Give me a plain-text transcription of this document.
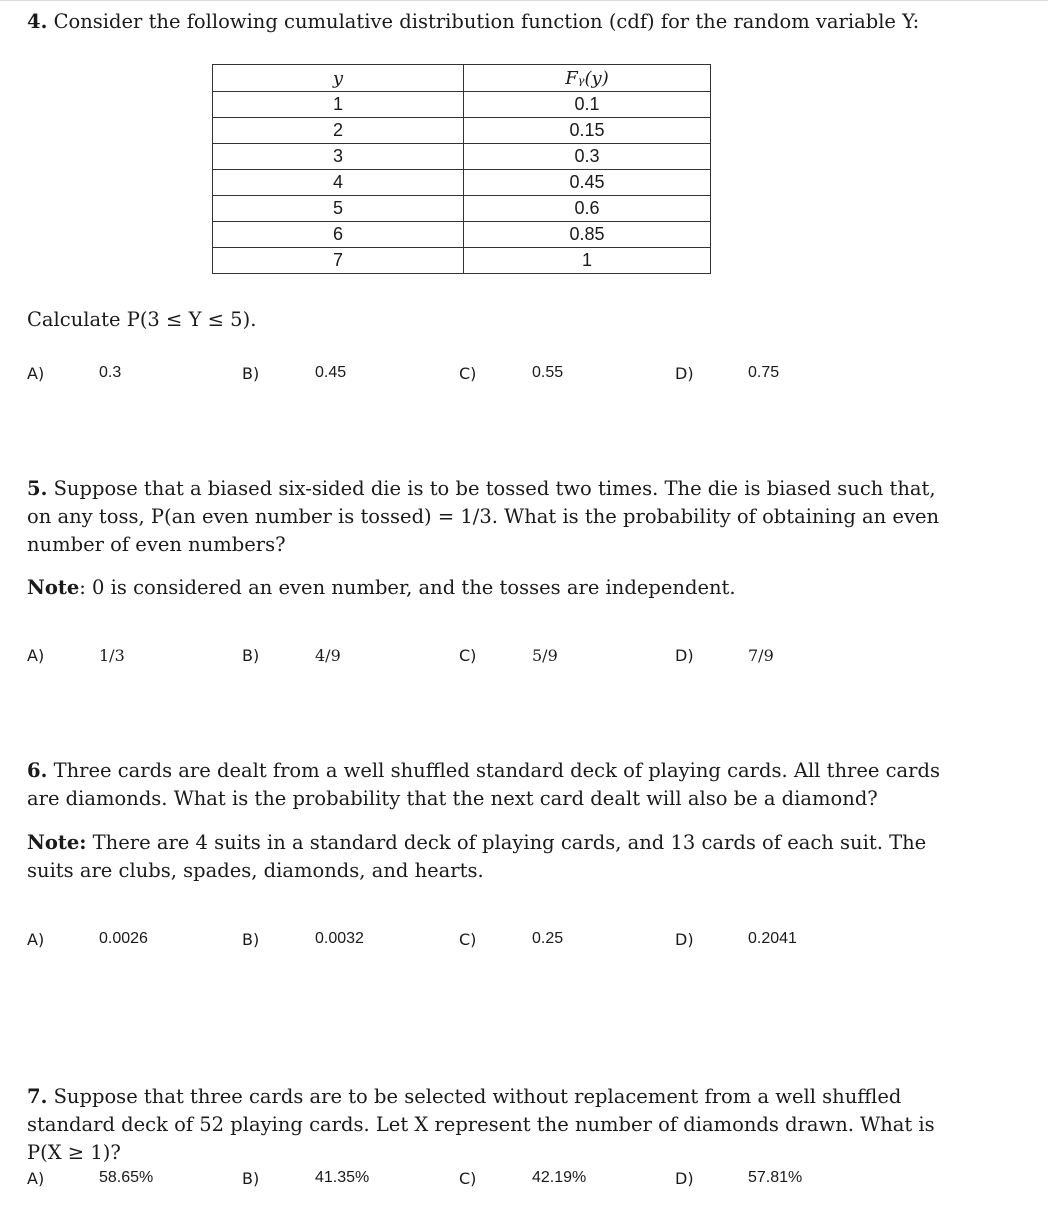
4. Consider the following cumulative distribution function (cdf) for the random variable Y:
y	Fᵧ(y)
1	0.1
2	0.15
3	0.3
4	0.45
5	0.6
6	0.85
7	1
Calculate P(3 ≤ Y ≤ 5).
A)	0.3	B)	0.45	C)	0.55	D)	0.75
5. Suppose that a biased six-sided die is to be tossed two times. The die is biased such that, on any toss, P(an even number is tossed) = 1/3. What is the probability of obtaining an even number of even numbers?
Note: 0 is considered an even number, and the tosses are independent.
A)	1/3	B)	4/9	C)	5/9	D)	7/9
6. Three cards are dealt from a well shuffled standard deck of playing cards. All three cards are diamonds. What is the probability that the next card dealt will also be a diamond?
Note: There are 4 suits in a standard deck of playing cards, and 13 cards of each suit. The suits are clubs, spades, diamonds, and hearts.
A)	0.0026	B)	0.0032	C)	0.25	D)	0.2041
7. Suppose that three cards are to be selected without replacement from a well shuffled standard deck of 52 playing cards. Let X represent the number of diamonds drawn. What is P(X ≥ 1)?
A)	58.65%	B)	41.35%	C)	42.19%	D)	57.81%
